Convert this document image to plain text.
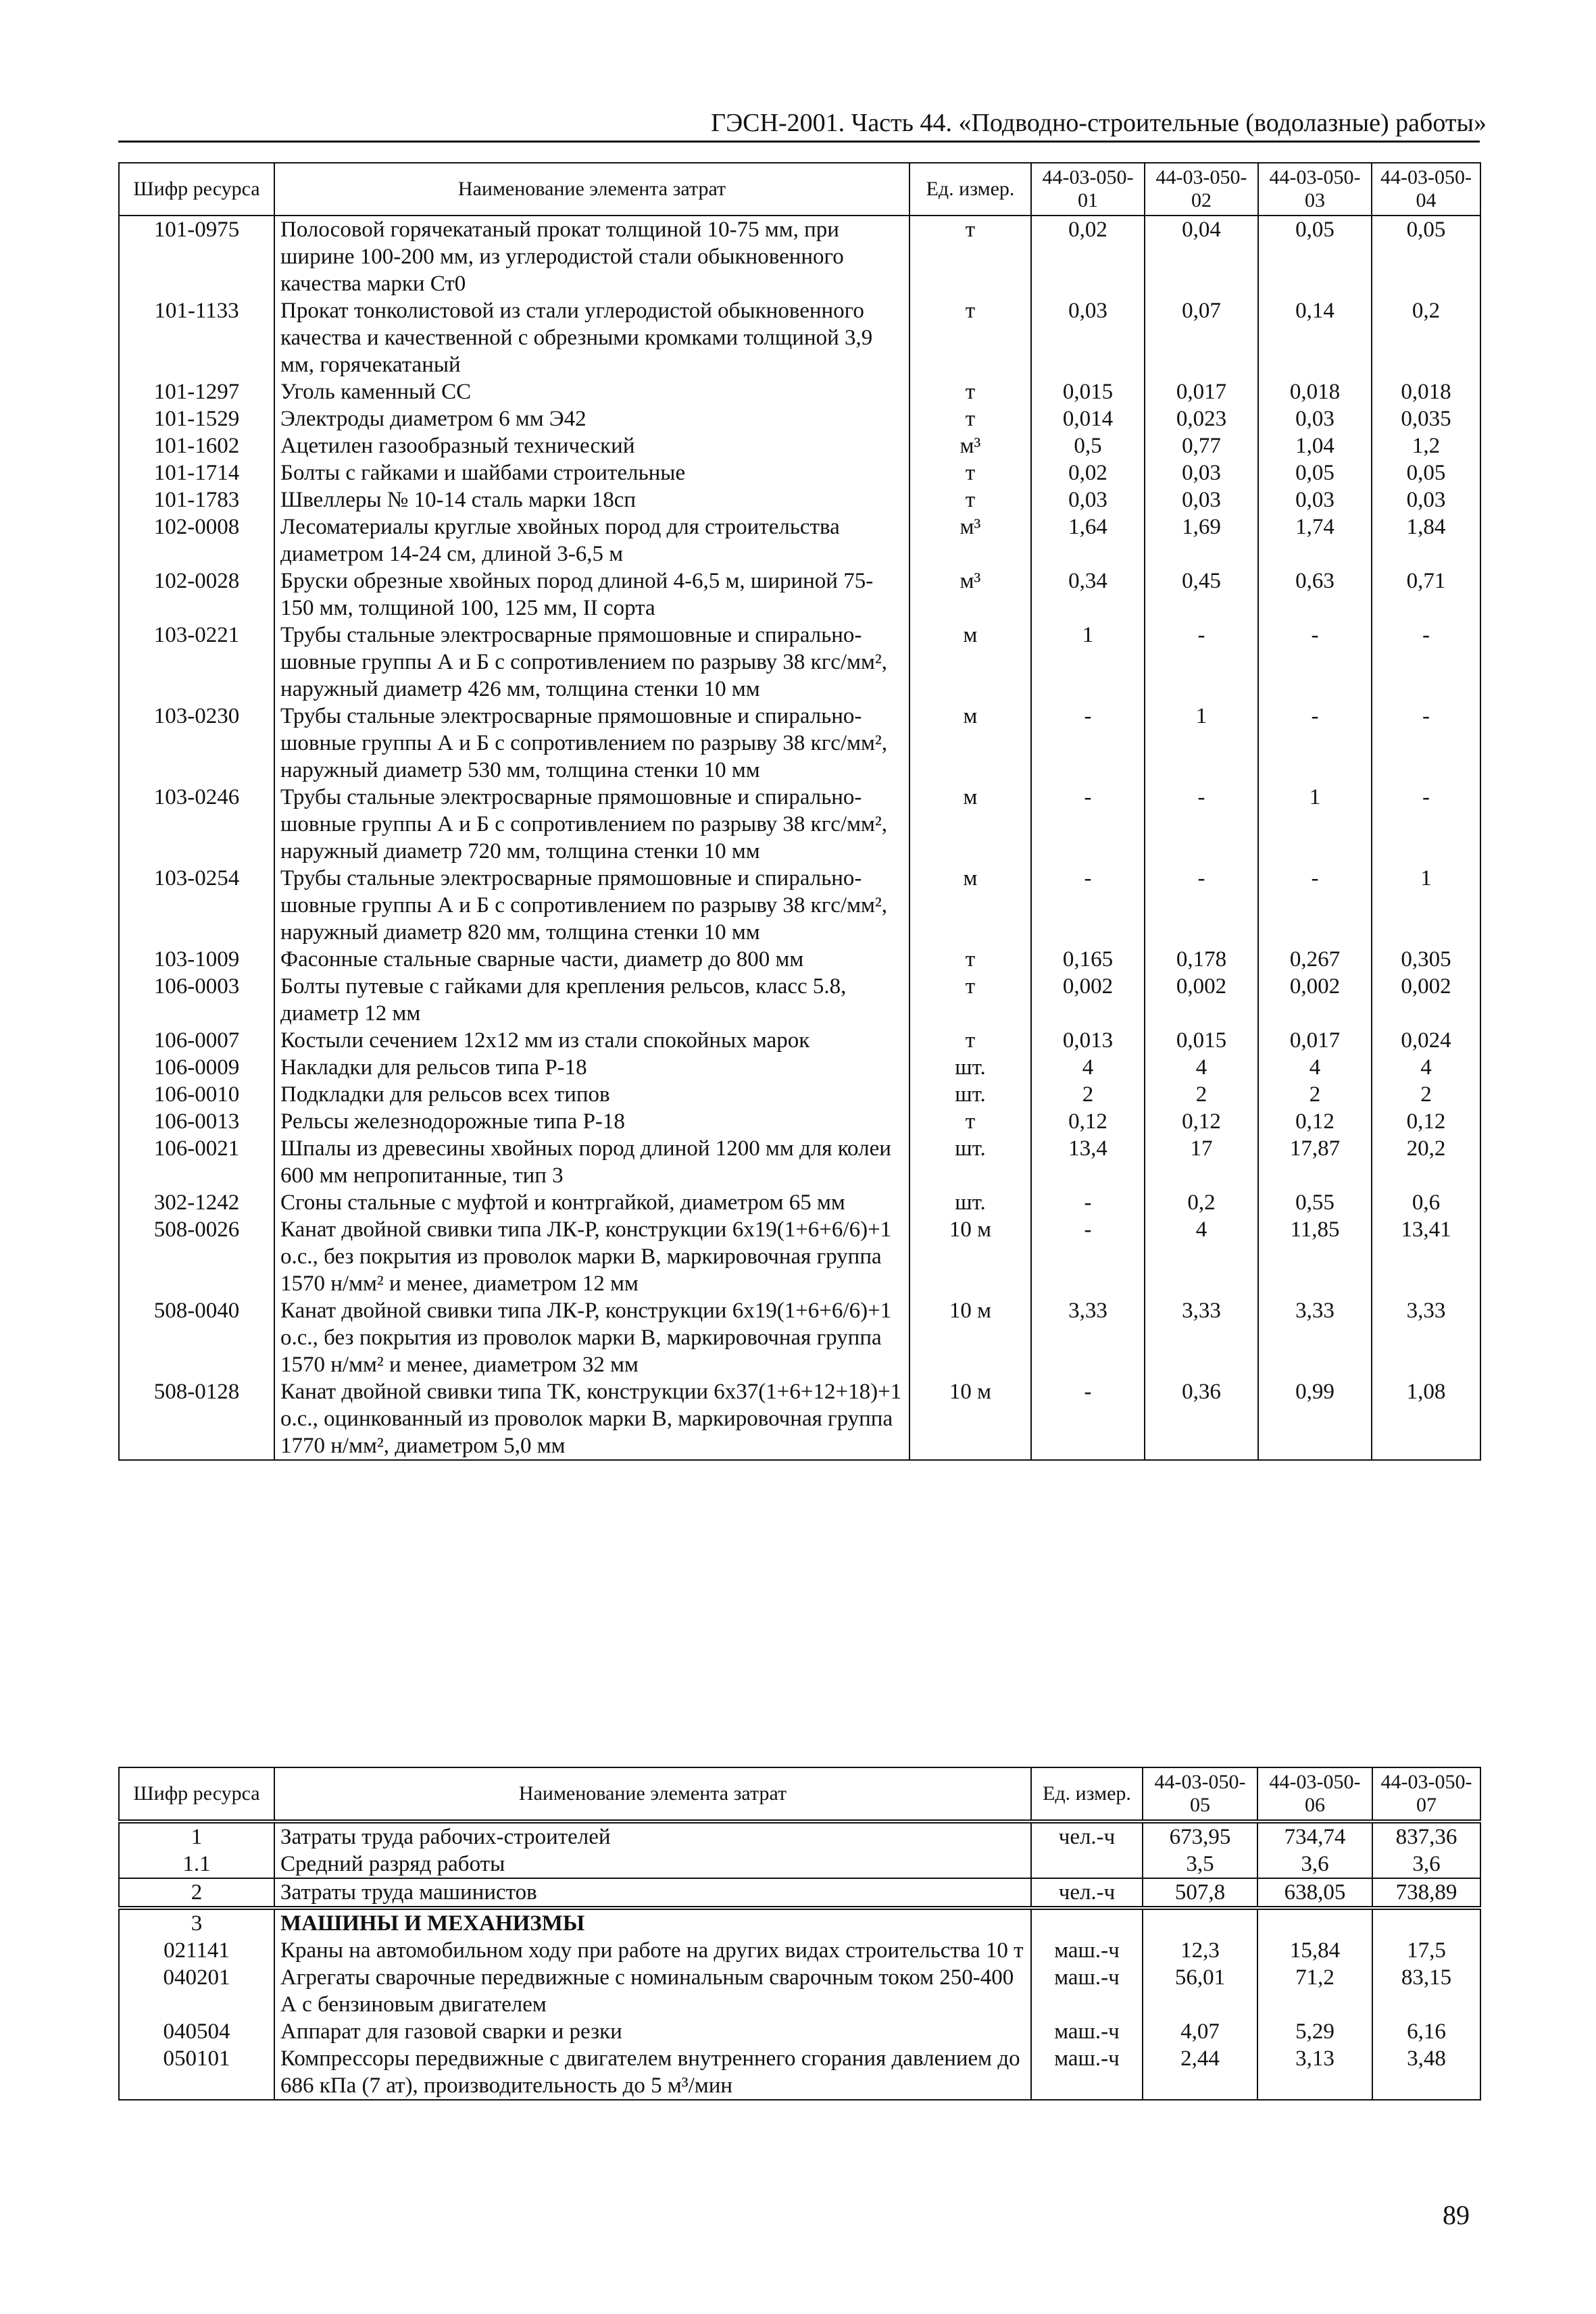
ГЭСН-2001. Часть 44. «Подводно-строительные (водолазные) работы»
Шифр ресурса	Наименование элемента затрат	Ед. измер.	44-03-050-01	44-03-050-02	44-03-050-03	44-03-050-04
101-0975	Полосовой горячекатаный прокат толщиной 10-75 мм, при ширине 100-200 мм, из углеродистой стали обыкновенного качества марки Ст0	т	0,02	0,04	0,05	0,05
101-1133	Прокат тонколистовой из стали углеродистой обыкновенного качества и качественной с обрезными кромками толщиной 3,9 мм, горячекатаный	т	0,03	0,07	0,14	0,2
101-1297	Уголь каменный СС	т	0,015	0,017	0,018	0,018
101-1529	Электроды диаметром 6 мм Э42	т	0,014	0,023	0,03	0,035
101-1602	Ацетилен газообразный технический	м³	0,5	0,77	1,04	1,2
101-1714	Болты с гайками и шайбами строительные	т	0,02	0,03	0,05	0,05
101-1783	Швеллеры № 10-14 сталь марки 18сп	т	0,03	0,03	0,03	0,03
102-0008	Лесоматериалы круглые хвойных пород для строительства диаметром 14-24 см, длиной 3-6,5 м	м³	1,64	1,69	1,74	1,84
102-0028	Бруски обрезные хвойных пород длиной 4-6,5 м, шириной 75-150 мм, толщиной 100, 125 мм, II сорта	м³	0,34	0,45	0,63	0,71
103-0221	Трубы стальные электросварные прямошовные и спирально-шовные группы А и Б с сопротивлением по разрыву 38 кгс/мм², наружный диаметр 426 мм, толщина стенки 10 мм	м	1	-	-	-
103-0230	Трубы стальные электросварные прямошовные и спирально-шовные группы А и Б с сопротивлением по разрыву 38 кгс/мм², наружный диаметр 530 мм, толщина стенки 10 мм	м	-	1	-	-
103-0246	Трубы стальные электросварные прямошовные и спирально-шовные группы А и Б с сопротивлением по разрыву 38 кгс/мм², наружный диаметр 720 мм, толщина стенки 10 мм	м	-	-	1	-
103-0254	Трубы стальные электросварные прямошовные и спирально-шовные группы А и Б с сопротивлением по разрыву 38 кгс/мм², наружный диаметр 820 мм, толщина стенки 10 мм	м	-	-	-	1
103-1009	Фасонные стальные сварные части, диаметр до 800 мм	т	0,165	0,178	0,267	0,305
106-0003	Болты путевые с гайками для крепления рельсов, класс 5.8, диаметр 12 мм	т	0,002	0,002	0,002	0,002
106-0007	Костыли сечением 12x12 мм из стали спокойных марок	т	0,013	0,015	0,017	0,024
106-0009	Накладки для рельсов типа Р-18	шт.	4	4	4	4
106-0010	Подкладки для рельсов всех типов	шт.	2	2	2	2
106-0013	Рельсы железнодорожные типа Р-18	т	0,12	0,12	0,12	0,12
106-0021	Шпалы из древесины хвойных пород длиной 1200 мм для колеи 600 мм непропитанные, тип 3	шт.	13,4	17	17,87	20,2
302-1242	Сгоны стальные с муфтой и контргайкой, диаметром 65 мм	шт.	-	0,2	0,55	0,6
508-0026	Канат двойной свивки типа ЛК-Р, конструкции 6x19(1+6+6/6)+1 о.с., без покрытия из проволок марки В, маркировочная группа 1570 н/мм² и менее, диаметром 12 мм	10 м	-	4	11,85	13,41
508-0040	Канат двойной свивки типа ЛК-Р, конструкции 6x19(1+6+6/6)+1 о.с., без покрытия из проволок марки В, маркировочная группа 1570 н/мм² и менее, диаметром 32 мм	10 м	3,33	3,33	3,33	3,33
508-0128	Канат двойной свивки типа ТК, конструкции 6x37(1+6+12+18)+1 о.с., оцинкованный из проволок марки В, маркировочная группа 1770 н/мм², диаметром 5,0 мм	10 м	-	0,36	0,99	1,08
Шифр ресурса	Наименование элемента затрат	Ед. измер.	44-03-050-05	44-03-050-06	44-03-050-07
1	Затраты труда рабочих-строителей	чел.-ч	673,95	734,74	837,36
1.1	Средний разряд работы		3,5	3,6	3,6
2	Затраты труда машинистов	чел.-ч	507,8	638,05	738,89
3	МАШИНЫ И МЕХАНИЗМЫ				
021141	Краны на автомобильном ходу при работе на других видах строительства 10 т	маш.-ч	12,3	15,84	17,5
040201	Агрегаты сварочные передвижные с номинальным сварочным током 250-400 А с бензиновым двигателем	маш.-ч	56,01	71,2	83,15
040504	Аппарат для газовой сварки и резки	маш.-ч	4,07	5,29	6,16
050101	Компрессоры передвижные с двигателем внутреннего сгорания давлением до 686 кПа (7 ат), производительность до 5 м³/мин	маш.-ч	2,44	3,13	3,48
89
